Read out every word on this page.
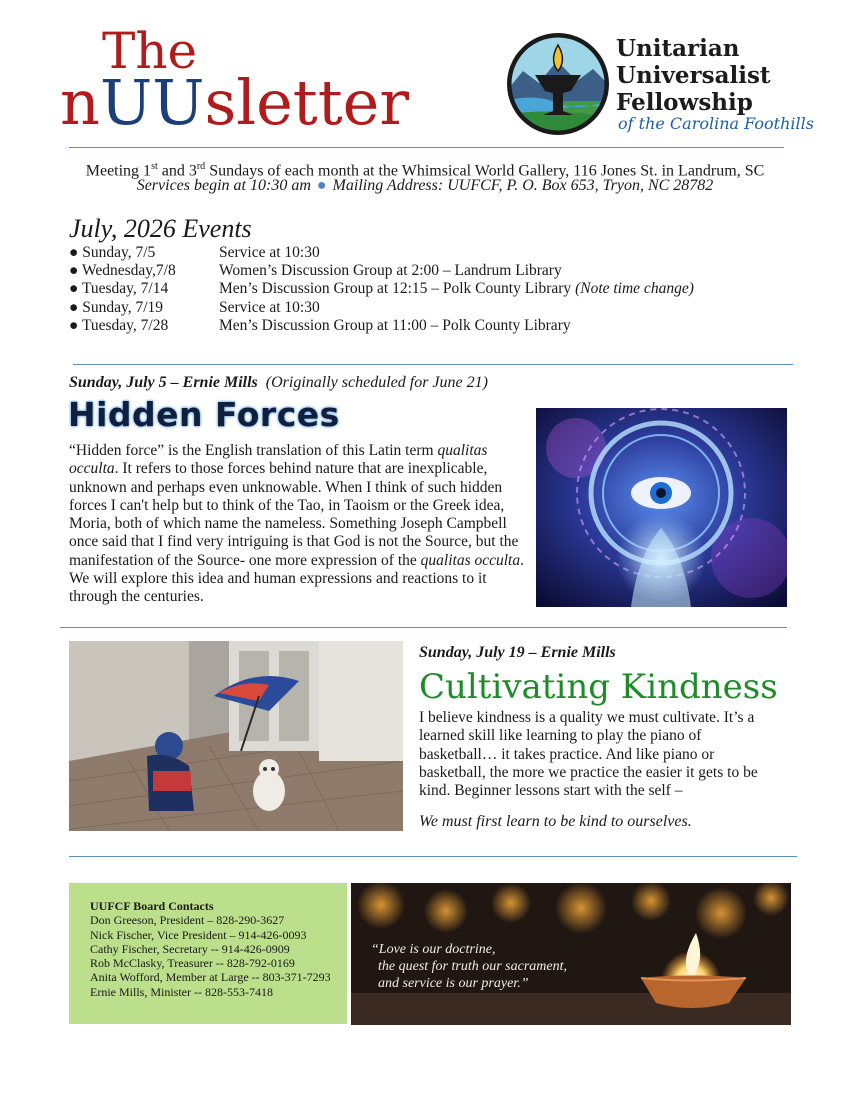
The
nUUsletter
Unitarian
Universalist
Fellowship
of the Carolina Foothills
Meeting 1st and 3rd Sundays of each month at the Whimsical World Gallery, 116 Jones St. in Landrum, SC
Services begin at 10:30 am ● Mailing Address: UUFCF, P. O. Box 653, Tryon, NC 28782
July, 2026 Events
● Sunday, 7/5	Service at 10:30
● Wednesday,7/8	Women’s Discussion Group at 2:00 – Landrum Library
● Tuesday, 7/14	Men’s Discussion Group at 12:15 – Polk County Library (Note time change)
● Sunday, 7/19	Service at 10:30
● Tuesday, 7/28	Men’s Discussion Group at 11:00 – Polk County Library
Sunday, July 5 – Ernie Mills (Originally scheduled for June 21)
Hidden Forces
“Hidden force” is the English translation of this Latin term qualitas occulta. It refers to those forces behind nature that are inexplicable, unknown and perhaps even unknowable. When I think of such hidden forces I can't help but to think of the Tao, in Taoism or the Greek idea, Moria, both of which name the nameless. Something Joseph Campbell once said that I find very intriguing is that God is not the Source, but the manifestation of the Source- one more expression of the qualitas occulta. We will explore this idea and human expressions and reactions to it through the centuries.
Sunday, July 19 – Ernie Mills
Cultivating Kindness
I believe kindness is a quality we must cultivate. It’s a learned skill like learning to play the piano of basketball… it takes practice. And like piano or basketball, the more we practice the easier it gets to be kind. Beginner lessons start with the self –
We must first learn to be kind to ourselves.
UUFCF Board Contacts
Don Greeson, President – 828-290-3627
Nick Fischer, Vice President – 914-426-0093
Cathy Fischer, Secretary -- 914-426-0909
Rob McClasky, Treasurer -- 828-792-0169
Anita Wofford, Member at Large -- 803-371-7293
Ernie Mills, Minister -- 828-553-7418
“Love is our doctrine,
the quest for truth our sacrament,
and service is our prayer.”
